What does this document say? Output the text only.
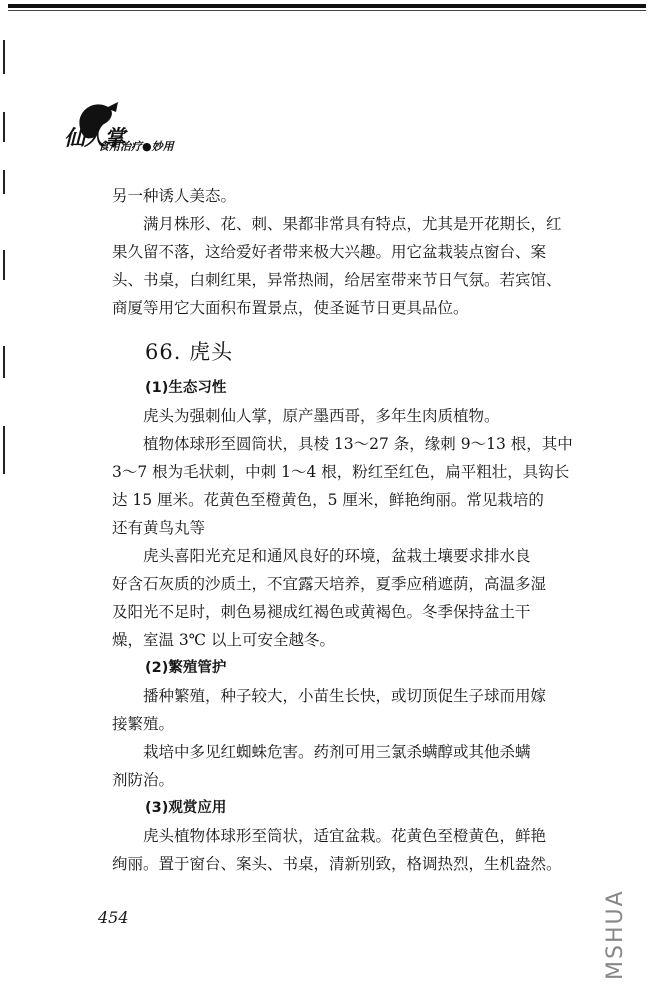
仙人掌
食用治疗●妙用
另一种诱人美态。
满月株形、花、刺、果都非常具有特点，尤其是开花期长，红
果久留不落，这给爱好者带来极大兴趣。用它盆栽装点窗台、案
头、书桌，白刺红果，异常热闹，给居室带来节日气氛。若宾馆、
商厦等用它大面积布置景点，使圣诞节日更具品位。
66. 虎头
(1)生态习性
虎头为强刺仙人掌，原产墨西哥，多年生肉质植物。
植物体球形至圆筒状，具棱 13～27 条，缘刺 9～13 根，其中
3～7 根为毛状刺，中刺 1～4 根，粉红至红色，扁平粗壮，具钩长
达 15 厘米。花黄色至橙黄色，5 厘米，鲜艳绚丽。常见栽培的
还有黄鸟丸等
虎头喜阳光充足和通风良好的环境，盆栽土壤要求排水良
好含石灰质的沙质土，不宜露天培养，夏季应稍遮荫，高温多湿
及阳光不足时，刺色易褪成红褐色或黄褐色。冬季保持盆土干
燥，室温 3℃ 以上可安全越冬。
(2)繁殖管护
播种繁殖，种子较大，小苗生长快，或切顶促生子球而用嫁
接繁殖。
栽培中多见红蜘蛛危害。药剂可用三氯杀螨醇或其他杀螨
剂防治。
(3)观赏应用
虎头植物体球形至筒状，适宜盆栽。花黄色至橙黄色，鲜艳
绚丽。置于窗台、案头、书桌，清新别致，格调热烈，生机盎然。
454	MSHUA
